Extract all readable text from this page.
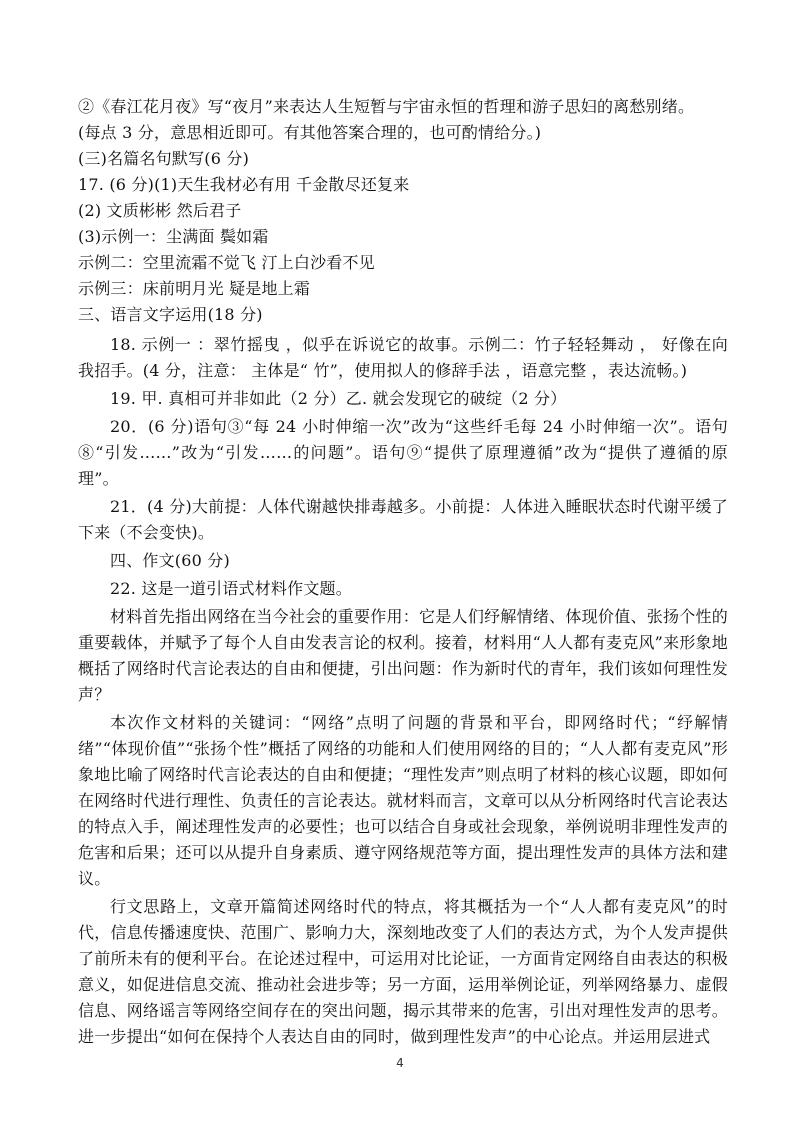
②《春江花月夜》写“夜月”来表达人生短暂与宇宙永恒的哲理和游子思妇的离愁别绪。
(每点 3 分，意思相近即可。有其他答案合理的，也可酌情给分。)
(三)名篇名句默写(6 分)
17. (6 分)(1)天生我材必有用 千金散尽还复来
(2) 文质彬彬 然后君子
(3)示例一：尘满面 鬓如霜
示例二：空里流霜不觉飞 汀上白沙看不见
示例三：床前明月光 疑是地上霜
三、语言文字运用(18 分)

18. 示例一 ：翠竹摇曳 ，似乎在诉说它的故事。示例二：竹子轻轻舞动 ， 好像在向我招手。(4 分，注意： 主体是“ 竹”，使用拟人的修辞手法 ，语意完整 ，表达流畅。)

19. 甲. 真相可并非如此（2 分）乙. 就会发现它的破绽（2 分）

20．(6 分)语句③“每 24 小时伸缩一次”改为“这些纤毛每 24 小时伸缩一次”。语句⑧“引发……”改为“引发……的问题”。语句⑨“提供了原理遵循”改为“提供了遵循的原理”。

21．(4 分)大前提：人体代谢越快排毒越多。小前提：人体进入睡眠状态时代谢平缓了下来（不会变快)。

四、作文(60 分)

22. 这是一道引语式材料作文题。

材料首先指出网络在当今社会的重要作用：它是人们纾解情绪、体现价值、张扬个性的重要载体，并赋予了每个人自由发表言论的权利。接着，材料用“人人都有麦克风”来形象地概括了网络时代言论表达的自由和便捷，引出问题：作为新时代的青年，我们该如何理性发声？

本次作文材料的关键词：“网络”点明了问题的背景和平台，即网络时代；“纾解情绪”“体现价值”“张扬个性”概括了网络的功能和人们使用网络的目的；“人人都有麦克风”形象地比喻了网络时代言论表达的自由和便捷；“理性发声”则点明了材料的核心议题，即如何在网络时代进行理性、负责任的言论表达。就材料而言，文章可以从分析网络时代言论表达的特点入手，阐述理性发声的必要性；也可以结合自身或社会现象，举例说明非理性发声的危害和后果；还可以从提升自身素质、遵守网络规范等方面，提出理性发声的具体方法和建议。

行文思路上，文章开篇简述网络时代的特点，将其概括为一个“人人都有麦克风”的时代，信息传播速度快、范围广、影响力大，深刻地改变了人们的表达方式，为个人发声提供了前所未有的便利平台。在论述过程中，可运用对比论证，一方面肯定网络自由表达的积极意义，如促进信息交流、推动社会进步等；另一方面，运用举例论证，列举网络暴力、虚假信息、网络谣言等网络空间存在的突出问题，揭示其带来的危害，引出对理性发声的思考。进一步提出“如何在保持个人表达自由的同时，做到理性发声”的中心论点。并运用层进式

4
